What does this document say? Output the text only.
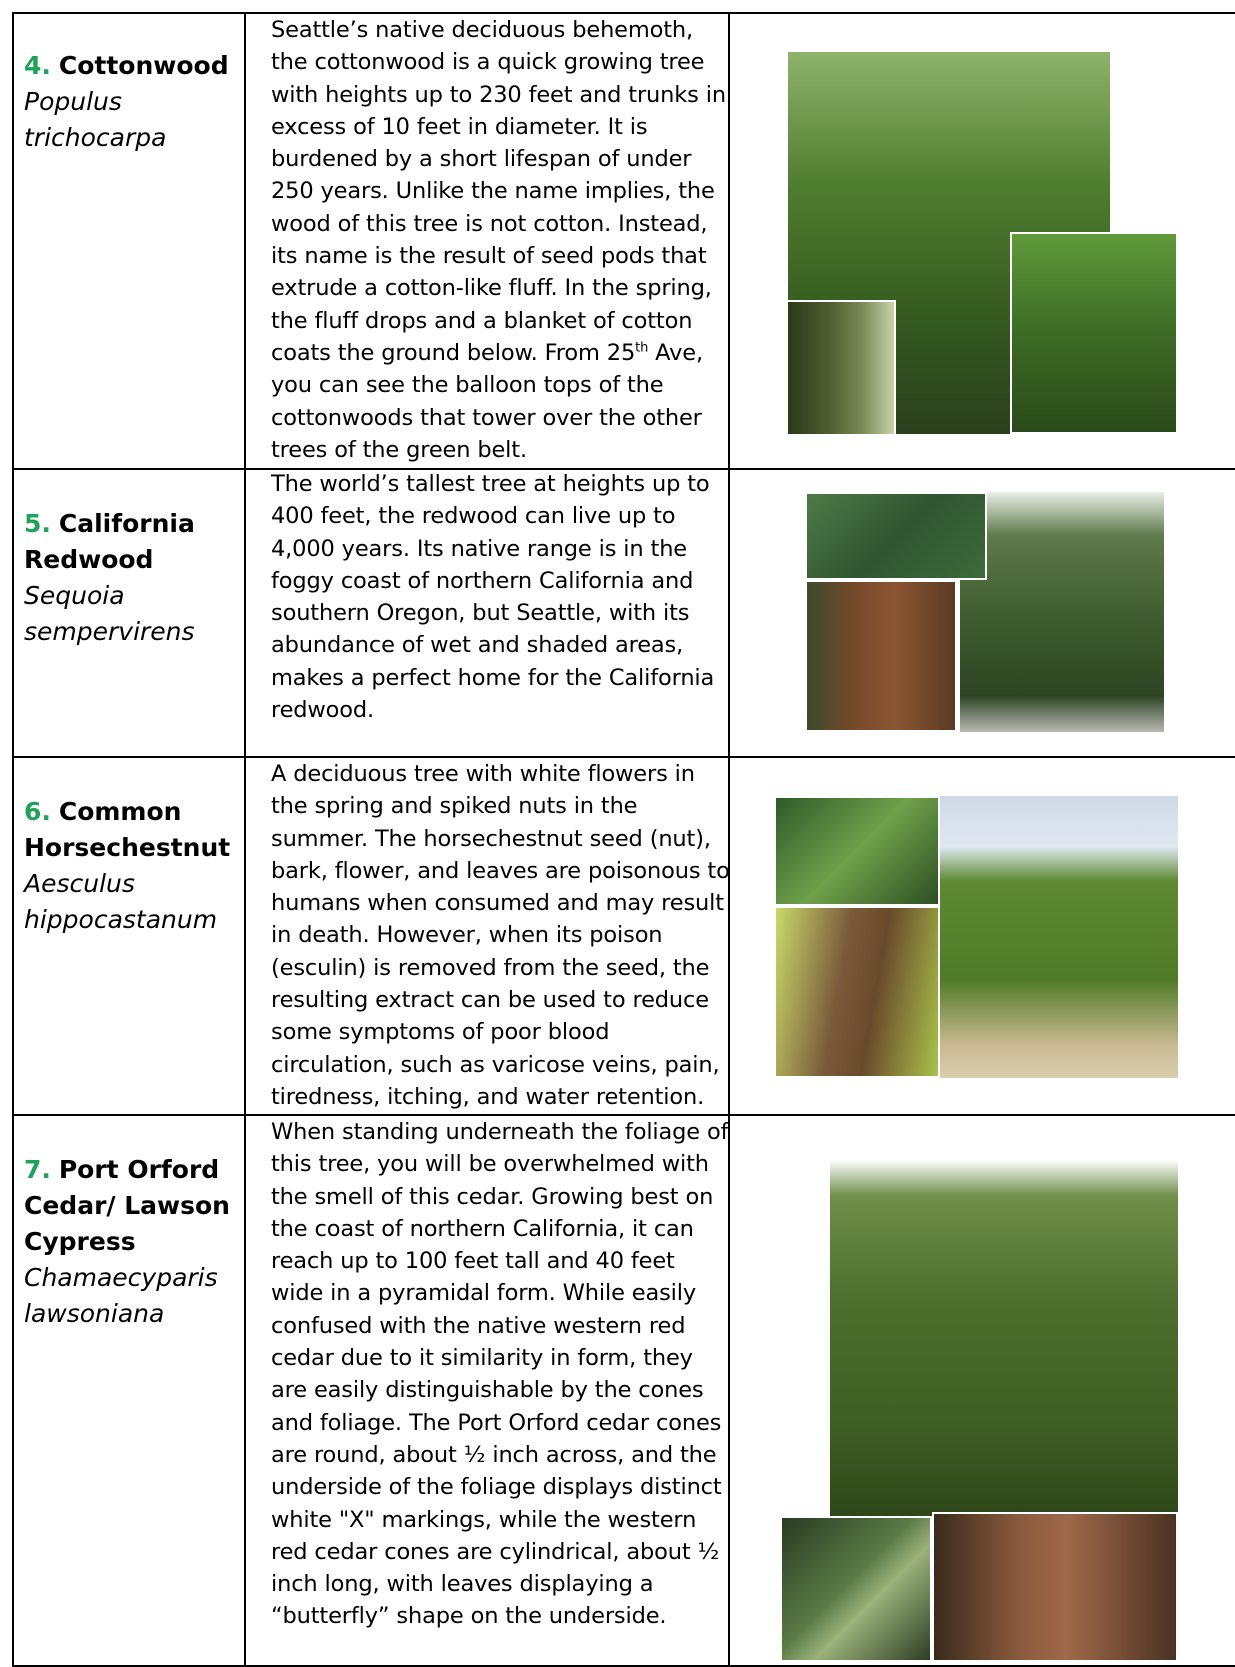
4. Cottonwood
Populus trichocarpa
Seattle’s native deciduous behemoth, the cottonwood is a quick growing tree with heights up to 230 feet and trunks in excess of 10 feet in diameter. It is burdened by a short lifespan of under 250 years. Unlike the name implies, the wood of this tree is not cotton. Instead, its name is the result of seed pods that extrude a cotton-like fluff. In the spring, the fluff drops and a blanket of cotton coats the ground below. From 25th Ave, you can see the balloon tops of the cottonwoods that tower over the other trees of the green belt.
5. California Redwood
Sequoia sempervirens
The world’s tallest tree at heights up to 400 feet, the redwood can live up to 4,000 years. Its native range is in the foggy coast of northern California and southern Oregon, but Seattle, with its abundance of wet and shaded areas, makes a perfect home for the California redwood.
6. Common Horsechestnut
Aesculus hippocastanum
A deciduous tree with white flowers in the spring and spiked nuts in the summer. The horsechestnut seed (nut), bark, flower, and leaves are poisonous to humans when consumed and may result in death. However, when its poison (esculin) is removed from the seed, the resulting extract can be used to reduce some symptoms of poor blood circulation, such as varicose veins, pain, tiredness, itching, and water retention.
7. Port Orford Cedar/ Lawson Cypress
Chamaecyparis lawsoniana
When standing underneath the foliage of this tree, you will be overwhelmed with the smell of this cedar. Growing best on the coast of northern California, it can reach up to 100 feet tall and 40 feet wide in a pyramidal form. While easily confused with the native western red cedar due to it similarity in form, they are easily distinguishable by the cones and foliage. The Port Orford cedar cones are round, about ½ inch across, and the underside of the foliage displays distinct white "X" markings, while the western red cedar cones are cylindrical, about ½ inch long, with leaves displaying a “butterfly” shape on the underside.
